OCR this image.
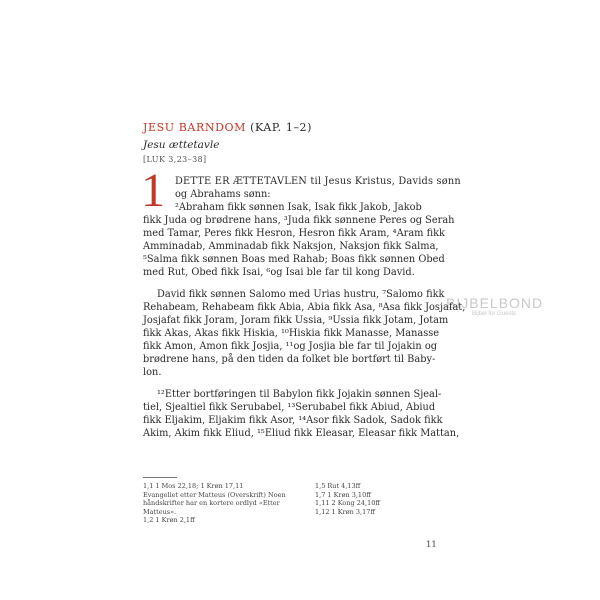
BIJBELBOND
Bijbel for Guests
JESU BARNDOM (KAP. 1–2)
Jesu ættetavle
[LUK 3,23–38]
1 DETTE ER ÆTTETAVLEN til Jesus Kristus, Davids sønn
og Abrahams sønn:
²Abraham fikk sønnen Isak, Isak fikk Jakob, Jakob
fikk Juda og brødrene hans, ³Juda fikk sønnene Peres og Serah
med Tamar, Peres fikk Hesron, Hesron fikk Aram, ⁴Aram fikk
Amminadab, Amminadab fikk Naksjon, Naksjon fikk Salma,
⁵Salma fikk sønnen Boas med Rahab; Boas fikk sønnen Obed
med Rut, Obed fikk Isai, ⁶og Isai ble far til kong David.
David fikk sønnen Salomo med Urias hustru, ⁷Salomo fikk
Rehabeam, Rehabeam fikk Abia, Abia fikk Asa, ⁸Asa fikk Josjafat,
Josjafat fikk Joram, Joram fikk Ussia, ⁹Ussia fikk Jotam, Jotam
fikk Akas, Akas fikk Hiskia, ¹⁰Hiskia fikk Manasse, Manasse
fikk Amon, Amon fikk Josjia, ¹¹og Josjia ble far til Jojakin og
brødrene hans, på den tiden da folket ble bortført til Baby-
lon.
¹²Etter bortføringen til Babylon fikk Jojakin sønnen Sjeal-
tiel, Sjealtiel fikk Serubabel, ¹³Serubabel fikk Abiud, Abiud
fikk Eljakim, Eljakim fikk Asor, ¹⁴Asor fikk Sadok, Sadok fikk
Akim, Akim fikk Eliud, ¹⁵Eliud fikk Eleasar, Eleasar fikk Mattan,
1,1 1 Mos 22,18; 1 Krøn 17,11
Evangeliet etter Matteus (Overskrift) Noen
håndskrifter har en kortere ordlyd «Etter
Matteus».
1,2 1 Krøn 2,1ff
1,5 Rut 4,13ff
1,7 1 Krøn 3,10ff
1,11 2 Kong 24,10ff
1,12 1 Krøn 3,17ff
11
